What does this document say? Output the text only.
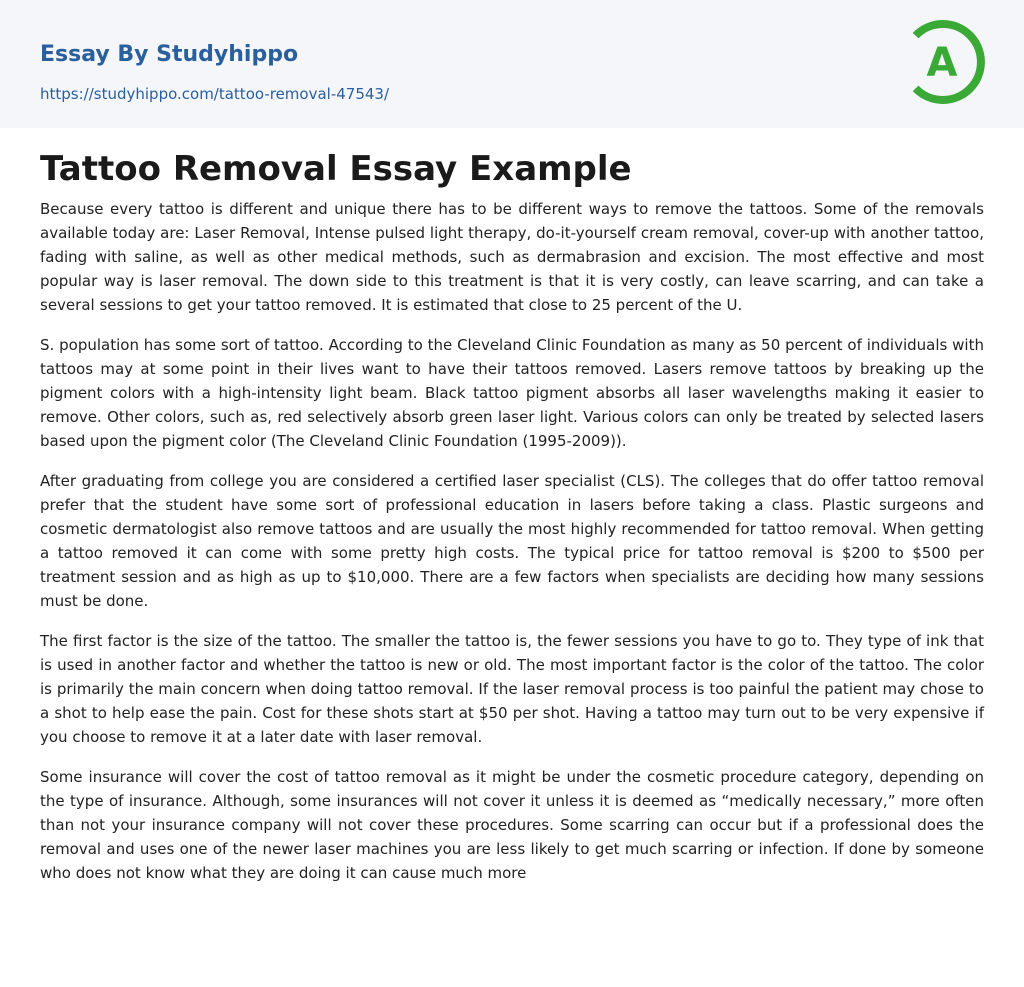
Essay By Studyhippo
https://studyhippo.com/tattoo-removal-47543/
A
Tattoo Removal Essay Example

Because every tattoo is different and unique there has to be different ways to remove the tattoos. Some of the removals available today are: Laser Removal, Intense pulsed light therapy, do-it-yourself cream removal, cover-up with another tattoo, fading with saline, as well as other medical methods, such as dermabrasion and excision. The most effective and most popular way is laser removal. The down side to this treatment is that it is very costly, can leave scarring, and can take a several sessions to get your tattoo removed. It is estimated that close to 25 percent of the U.

S. population has some sort of tattoo. According to the Cleveland Clinic Foundation as many as 50 percent of individuals with tattoos may at some point in their lives want to have their tattoos removed. Lasers remove tattoos by breaking up the pigment colors with a high-intensity light beam. Black tattoo pigment absorbs all laser wavelengths making it easier to remove. Other colors, such as, red selectively absorb green laser light. Various colors can only be treated by selected lasers based upon the pigment color (The Cleveland Clinic Foundation (1995-2009)).

After graduating from college you are considered a certified laser specialist (CLS). The colleges that do offer tattoo removal prefer that the student have some sort of professional education in lasers before taking a class. Plastic surgeons and cosmetic dermatologist also remove tattoos and are usually the most highly recommended for tattoo removal. When getting a tattoo removed it can come with some pretty high costs. The typical price for tattoo removal is $200 to $500 per treatment session and as high as up to $10,000. There are a few factors when specialists are deciding how many sessions must be done.

The first factor is the size of the tattoo. The smaller the tattoo is, the fewer sessions you have to go to. They type of ink that is used in another factor and whether the tattoo is new or old. The most important factor is the color of the tattoo. The color is primarily the main concern when doing tattoo removal. If the laser removal process is too painful the patient may chose to a shot to help ease the pain. Cost for these shots start at $50 per shot. Having a tattoo may turn out to be very expensive if you choose to remove it at a later date with laser removal.

Some insurance will cover the cost of tattoo removal as it might be under the cosmetic procedure category, depending on the type of insurance. Although, some insurances will not cover it unless it is deemed as “medically necessary,” more often than not your insurance company will not cover these procedures. Some scarring can occur but if a professional does the removal and uses one of the newer laser machines you are less likely to get much scarring or infection. If done by someone who does not know what they are doing it can cause much more
